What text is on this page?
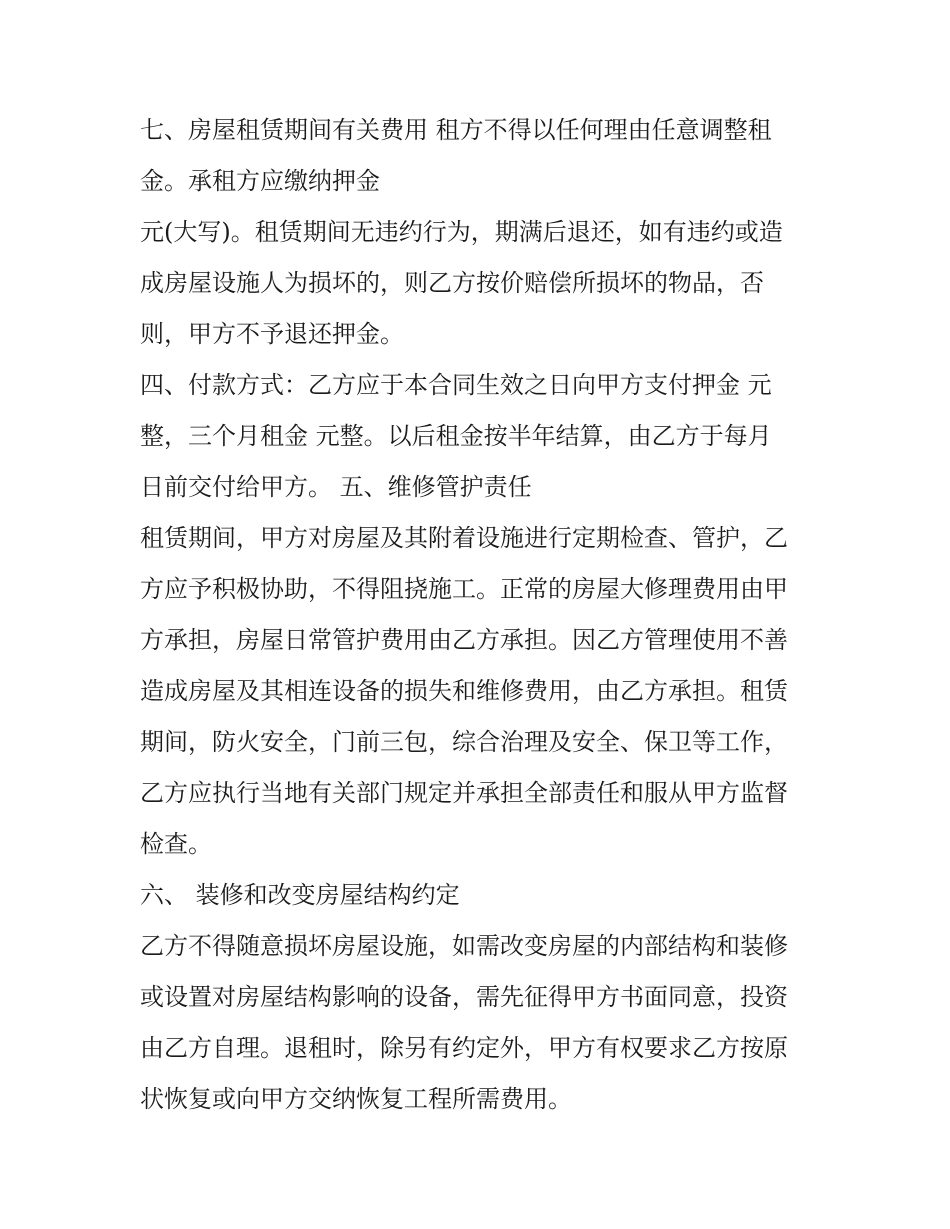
七、房屋租赁期间有关费用 租方不得以任何理由任意调整租
金。承租方应缴纳押金
元(大写)。租赁期间无违约行为，期满后退还，如有违约或造
成房屋设施人为损坏的，则乙方按价赔偿所损坏的物品，否
则，甲方不予退还押金。
四、付款方式：乙方应于本合同生效之日向甲方支付押金 元
整，三个月租金 元整。以后租金按半年结算，由乙方于每月
日前交付给甲方。 五、维修管护责任
租赁期间，甲方对房屋及其附着设施进行定期检查、管护，乙
方应予积极协助，不得阻挠施工。正常的房屋大修理费用由甲
方承担，房屋日常管护费用由乙方承担。因乙方管理使用不善
造成房屋及其相连设备的损失和维修费用，由乙方承担。租赁
期间，防火安全，门前三包，综合治理及安全、保卫等工作，
乙方应执行当地有关部门规定并承担全部责任和服从甲方监督
检查。
六、 装修和改变房屋结构约定
乙方不得随意损坏房屋设施，如需改变房屋的内部结构和装修
或设置对房屋结构影响的设备，需先征得甲方书面同意，投资
由乙方自理。退租时，除另有约定外，甲方有权要求乙方按原
状恢复或向甲方交纳恢复工程所需费用。
